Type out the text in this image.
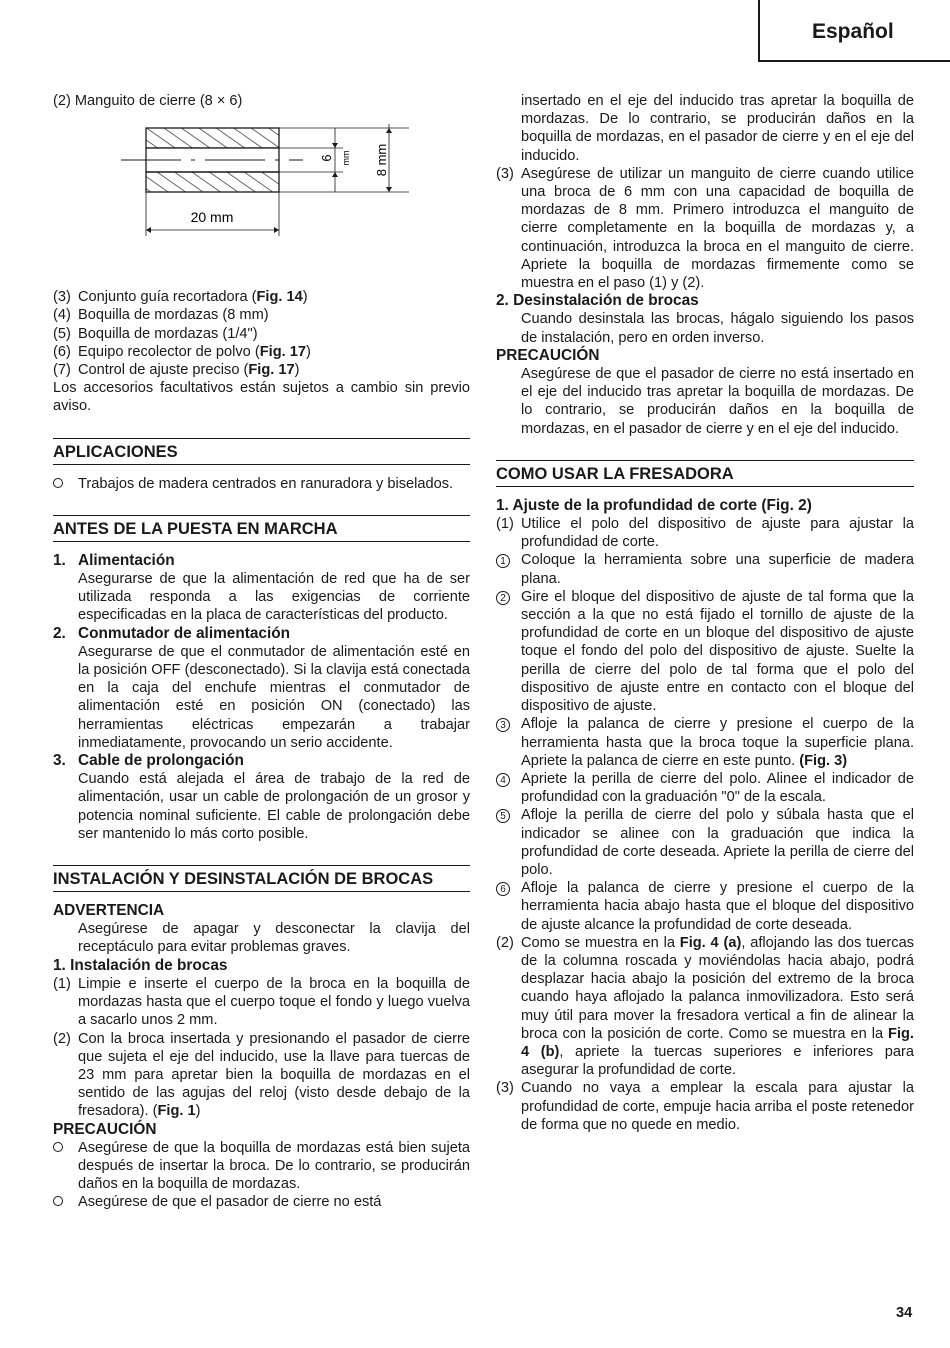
Español

(2) Manguito de cierre (8 × 6)

6 mm 8 mm
20 mm
(3) Conjunto guía recortadora (Fig. 14)
(4) Boquilla de mordazas (8 mm)
(5) Boquilla de mordazas (1/4")
(6) Equipo recolector de polvo (Fig. 17)
(7) Control de ajuste preciso (Fig. 17)

Los accesorios facultativos están sujetos a cambio sin previo aviso.

APLICACIONES
Trabajos de madera centrados en ranuradora y biselados.
ANTES DE LA PUESTA EN MARCHA
1. Alimentación

Asegurarse de que la alimentación de red que ha de ser utilizada responda a las exigencias de corriente especificadas en la placa de características del producto.

2. Conmutador de alimentación

Asegurarse de que el conmutador de alimentación esté en la posición OFF (desconectado). Si la clavija está conectada en la caja del enchufe mientras el conmutador de alimentación esté en posición ON (conectado) las herramientas eléctricas empezarán a trabajar inmediatamente, provocando un serio accidente.

3. Cable de prolongación

Cuando está alejada el área de trabajo de la red de alimentación, usar un cable de prolongación de un grosor y potencia nominal suficiente. El cable de prolongación debe ser mantenido lo más corto posible.

INSTALACIÓN Y DESINSTALACIÓN DE BROCAS
ADVERTENCIA

Asegúrese de apagar y desconectar la clavija del receptáculo para evitar problemas graves.

1. Instalación de brocas
(1) Limpie e inserte el cuerpo de la broca en la boquilla de mordazas hasta que el cuerpo toque el fondo y luego vuelva a sacarlo unos 2 mm.
(2) Con la broca insertada y presionando el pasador de cierre que sujeta el eje del inducido, use la llave para tuercas de 23 mm para apretar bien la boquilla de mordazas en el sentido de las agujas del reloj (visto desde debajo de la fresadora). (Fig. 1)
PRECAUCIÓN
Asegúrese de que la boquilla de mordazas está bien sujeta después de insertar la broca. De lo contrario, se producirán daños en la boquilla de mordazas.
Asegúrese de que el pasador de cierre no está

insertado en el eje del inducido tras apretar la boquilla de mordazas. De lo contrario, se producirán daños en la boquilla de mordazas, en el pasador de cierre y en el eje del inducido.

(3) Asegúrese de utilizar un manguito de cierre cuando utilice una broca de 6 mm con una capacidad de boquilla de mordazas de 8 mm. Primero introduzca el manguito de cierre completamente en la boquilla de mordazas y, a continuación, introduzca la broca en el manguito de cierre. Apriete la boquilla de mordazas firmemente como se muestra en el paso (1) y (2).
2. Desinstalación de brocas

Cuando desinstala las brocas, hágalo siguiendo los pasos de instalación, pero en orden inverso.

PRECAUCIÓN

Asegúrese de que el pasador de cierre no está insertado en el eje del inducido tras apretar la boquilla de mordazas. De lo contrario, se producirán daños en la boquilla de mordazas, en el pasador de cierre y en el eje del inducido.

COMO USAR LA FRESADORA
1. Ajuste de la profundidad de corte (Fig. 2)
(1) Utilice el polo del dispositivo de ajuste para ajustar la profundidad de corte.
1	Coloque la herramienta sobre una superficie de madera plana.
2	Gire el bloque del dispositivo de ajuste de tal forma que la sección a la que no está fijado el tornillo de ajuste de la profundidad de corte en un bloque del dispositivo de ajuste toque el fondo del polo del dispositivo de ajuste. Suelte la perilla de cierre del polo de tal forma que el polo del dispositivo de ajuste entre en contacto con el bloque del dispositivo de ajuste.
3	Afloje la palanca de cierre y presione el cuerpo de la herramienta hasta que la broca toque la superficie plana. Apriete la palanca de cierre en este punto. (Fig. 3)
4	Apriete la perilla de cierre del polo. Alinee el indicador de profundidad con la graduación "0" de la escala.
5	Afloje la perilla de cierre del polo y súbala hasta que el indicador se alinee con la graduación que indica la profundidad de corte deseada. Apriete la perilla de cierre del polo.
6	Afloje la palanca de cierre y presione el cuerpo de la herramienta hacia abajo hasta que el bloque del dispositivo de ajuste alcance la profundidad de corte deseada.
(2) Como se muestra en la Fig. 4 (a), aflojando las dos tuercas de la columna roscada y moviéndolas hacia abajo, podrá desplazar hacia abajo la posición del extremo de la broca cuando haya aflojado la palanca inmovilizadora. Esto será muy útil para mover la fresadora vertical a fin de alinear la broca con la posición de corte. Como se muestra en la Fig. 4 (b), apriete la tuercas superiores e inferiores para asegurar la profundidad de corte.
(3) Cuando no vaya a emplear la escala para ajustar la profundidad de corte, empuje hacia arriba el poste retenedor de forma que no quede en medio.
34
